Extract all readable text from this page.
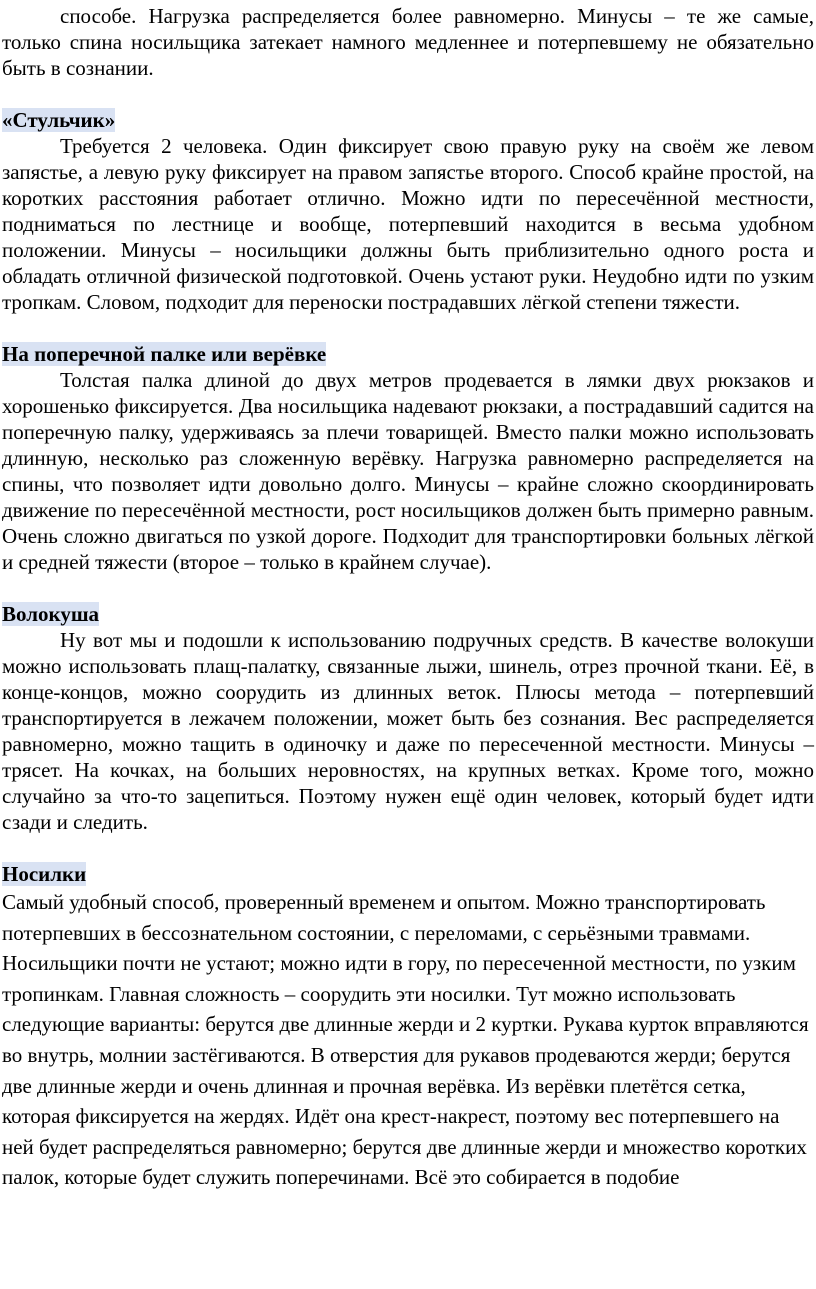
способе. Нагрузка распределяется более равномерно. Минусы – те же самые, только спина носильщика затекает намного медленнее и потерпевшему не обязательно быть в сознании.

«Стульчик»

Требуется 2 человека. Один фиксирует свою правую руку на своём же левом запястье, а левую руку фиксирует на правом запястье второго. Способ крайне простой, на коротких расстояния работает отлично. Можно идти по пересечённой местности, подниматься по лестнице и вообще, потерпевший находится в весьма удобном положении. Минусы – носильщики должны быть приблизительно одного роста и обладать отличной физической подготовкой. Очень устают руки. Неудобно идти по узким тропкам. Словом, подходит для переноски пострадавших лёгкой степени тяжести.

На поперечной палке или верёвке

Толстая палка длиной до двух метров продевается в лямки двух рюкзаков и хорошенько фиксируется. Два носильщика надевают рюкзаки, а пострадавший садится на поперечную палку, удерживаясь за плечи товарищей. Вместо палки можно использовать длинную, несколько раз сложенную верёвку. Нагрузка равномерно распределяется на спины, что позволяет идти довольно долго. Минусы – крайне сложно скоординировать движение по пересечённой местности, рост носильщиков должен быть примерно равным. Очень сложно двигаться по узкой дороге. Подходит для транспортировки больных лёгкой и средней тяжести (второе – только в крайнем случае).

Волокуша

Ну вот мы и подошли к использованию подручных средств. В качестве волокуши можно использовать плащ-палатку, связанные лыжи, шинель, отрез прочной ткани. Её, в конце-концов, можно соорудить из длинных веток. Плюсы метода – потерпевший транспортируется в лежачем положении, может быть без сознания. Вес распределяется равномерно, можно тащить в одиночку и даже по пересеченной местности. Минусы – трясет. На кочках, на больших неровностях, на крупных ветках. Кроме того, можно случайно за что-то зацепиться. Поэтому нужен ещё один человек, который будет идти сзади и следить.

Носилки

Самый удобный способ, проверенный временем и опытом. Можно транспортировать потерпевших в бессознательном состоянии, с переломами, с серьёзными травмами. Носильщики почти не устают; можно идти в гору, по пересеченной местности, по узким тропинкам. Главная сложность – соорудить эти носилки. Тут можно использовать следующие варианты: берутся две длинные жерди и 2 куртки. Рукава курток вправляются во внутрь, молнии застёгиваются. В отверстия для рукавов продеваются жерди; берутся две длинные жерди и очень длинная и прочная верёвка. Из верёвки плетётся сетка, которая фиксируется на жердях. Идёт она крест-накрест, поэтому вес потерпевшего на ней будет распределяться равномерно; берутся две длинные жерди и множество коротких палок, которые будет служить поперечинами. Всё это собирается в подобие
